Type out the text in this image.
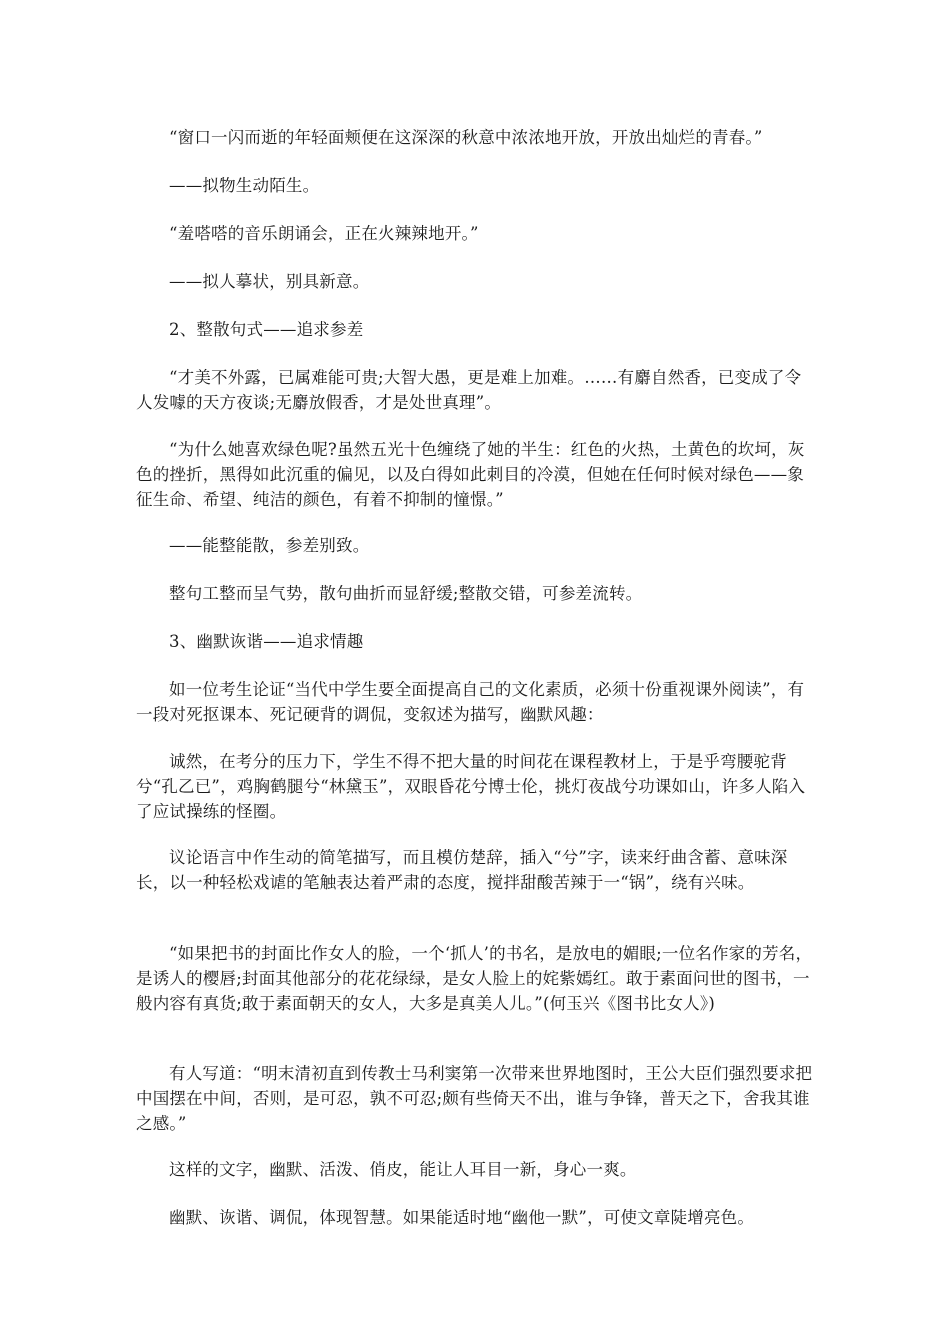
“窗口一闪而逝的年轻面颊便在这深深的秋意中浓浓地开放，开放出灿烂的青春。”

——拟物生动陌生。

“羞嗒嗒的音乐朗诵会，正在火辣辣地开。”

——拟人摹状，别具新意。

2、整散句式——追求参差

“才美不外露，已属难能可贵;大智大愚，更是难上加难。……有麝自然香，已变成了令人发噱的天方夜谈;无麝放假香，才是处世真理”。

“为什么她喜欢绿色呢?虽然五光十色缠绕了她的半生：红色的火热，土黄色的坎坷，灰色的挫折，黑得如此沉重的偏见，以及白得如此刺目的冷漠，但她在任何时候对绿色——象征生命、希望、纯洁的颜色，有着不抑制的憧憬。”

——能整能散，参差别致。

整句工整而呈气势，散句曲折而显舒缓;整散交错，可参差流转。

3、幽默诙谐——追求情趣

如一位考生论证“当代中学生要全面提高自己的文化素质，必须十份重视课外阅读”，有一段对死抠课本、死记硬背的调侃，变叙述为描写，幽默风趣：

诚然，在考分的压力下，学生不得不把大量的时间花在课程教材上，于是乎弯腰驼背兮“孔乙已”，鸡胸鹤腿兮“林黛玉”，双眼昏花兮博士伦，挑灯夜战兮功课如山，许多人陷入了应试操练的怪圈。

议论语言中作生动的简笔描写，而且模仿楚辞，插入“兮”字，读来纡曲含蓄、意味深长，以一种轻松戏谑的笔触表达着严肃的态度，搅拌甜酸苦辣于一“锅”，绕有兴味。

“如果把书的封面比作女人的脸，一个‘抓人’的书名，是放电的媚眼;一位名作家的芳名，是诱人的樱唇;封面其他部分的花花绿绿，是女人脸上的姹紫嫣红。敢于素面问世的图书，一般内容有真货;敢于素面朝天的女人，大多是真美人儿。”(何玉兴《图书比女人》)

有人写道：“明末清初直到传教士马利窦第一次带来世界地图时，王公大臣们强烈要求把中国摆在中间，否则，是可忍，孰不可忍;颇有些倚天不出，谁与争锋，普天之下，舍我其谁之感。”

这样的文字，幽默、活泼、俏皮，能让人耳目一新，身心一爽。

幽默、诙谐、调侃，体现智慧。如果能适时地“幽他一默”，可使文章陡增亮色。
